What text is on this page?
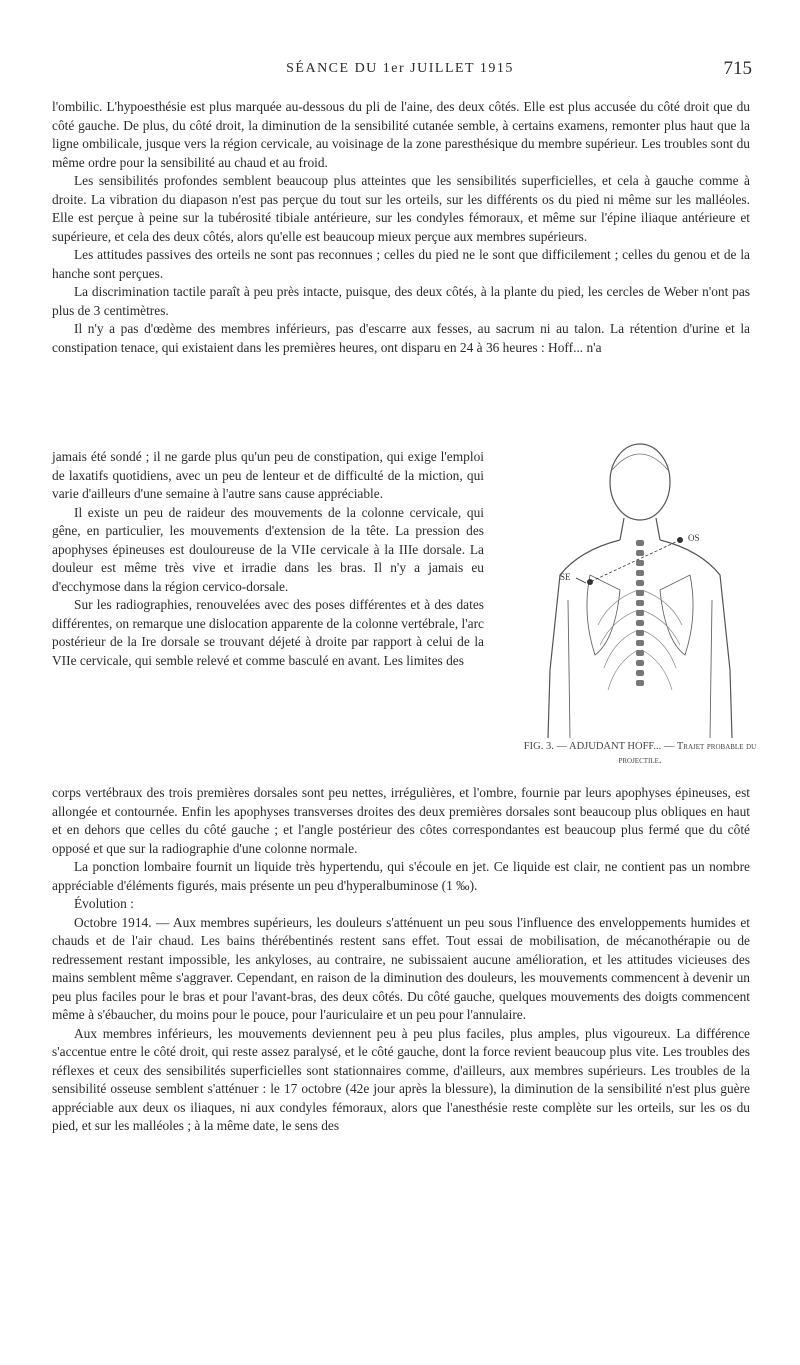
SÉANCE DU 1er JUILLET 1915	715

l'ombilic. L'hypoesthésie est plus marquée au-dessous du pli de l'aine, des deux côtés. Elle est plus accusée du côté droit que du côté gauche. De plus, du côté droit, la diminution de la sensibilité cutanée semble, à certains examens, remonter plus haut que la ligne ombilicale, jusque vers la région cervicale, au voisinage de la zone paresthésique du membre supérieur. Les troubles sont du même ordre pour la sensibilité au chaud et au froid.

Les sensibilités profondes semblent beaucoup plus atteintes que les sensibilités superficielles, et cela à gauche comme à droite. La vibration du diapason n'est pas perçue du tout sur les orteils, sur les différents os du pied ni même sur les malléoles. Elle est perçue à peine sur la tubérosité tibiale antérieure, sur les condyles fémoraux, et même sur l'épine iliaque antérieure et supérieure, et cela des deux côtés, alors qu'elle est beaucoup mieux perçue aux membres supérieurs.

Les attitudes passives des orteils ne sont pas reconnues ; celles du pied ne le sont que difficilement ; celles du genou et de la hanche sont perçues.

La discrimination tactile paraît à peu près intacte, puisque, des deux côtés, à la plante du pied, les cercles de Weber n'ont pas plus de 3 centimètres.

Il n'y a pas d'œdème des membres inférieurs, pas d'escarre aux fesses, au sacrum ni au talon. La rétention d'urine et la constipation tenace, qui existaient dans les premières heures, ont disparu en 24 à 36 heures : Hoff... n'a

jamais été sondé ; il ne garde plus qu'un peu de constipation, qui exige l'emploi de laxatifs quotidiens, avec un peu de lenteur et de difficulté de la miction, qui varie d'ailleurs d'une semaine à l'autre sans cause appréciable.

Il existe un peu de raideur des mouvements de la colonne cervicale, qui gêne, en particulier, les mouvements d'extension de la tête. La pression des apophyses épineuses est douloureuse de la VIIe cervicale à la IIIe dorsale. La douleur est même très vive et irradie dans les bras. Il n'y a jamais eu d'ecchymose dans la région cervico-dorsale.

Sur les radiographies, renouvelées avec des poses différentes et à des dates différentes, on remarque une dislocation apparente de la colonne vertébrale, l'arc postérieur de la Ire dorsale se trouvant déjeté à droite par rapport à celui de la VIIe cervicale, qui semble relevé et comme basculé en avant. Les limites des

OS
SE
FIG. 3. — ADJUDANT HOFF... — Trajet probable du projectile.

corps vertébraux des trois premières dorsales sont peu nettes, irrégulières, et l'ombre, fournie par leurs apophyses épineuses, est allongée et contournée. Enfin les apophyses transverses droites des deux premières dorsales sont beaucoup plus obliques en haut et en dehors que celles du côté gauche ; et l'angle postérieur des côtes correspondantes est beaucoup plus fermé que du côté opposé et que sur la radiographie d'une colonne normale.

La ponction lombaire fournit un liquide très hypertendu, qui s'écoule en jet. Ce liquide est clair, ne contient pas un nombre appréciable d'éléments figurés, mais présente un peu d'hyperalbuminose (1 ‰).

Évolution :

Octobre 1914. — Aux membres supérieurs, les douleurs s'atténuent un peu sous l'influence des enveloppements humides et chauds et de l'air chaud. Les bains thérébentinés restent sans effet. Tout essai de mobilisation, de mécanothérapie ou de redressement restant impossible, les ankyloses, au contraire, ne subissaient aucune amélioration, et les attitudes vicieuses des mains semblent même s'aggraver. Cependant, en raison de la diminution des douleurs, les mouvements commencent à devenir un peu plus faciles pour le bras et pour l'avant-bras, des deux côtés. Du côté gauche, quelques mouvements des doigts commencent même à s'ébaucher, du moins pour le pouce, pour l'auriculaire et un peu pour l'annulaire.

Aux membres inférieurs, les mouvements deviennent peu à peu plus faciles, plus amples, plus vigoureux. La différence s'accentue entre le côté droit, qui reste assez paralysé, et le côté gauche, dont la force revient beaucoup plus vite. Les troubles des réflexes et ceux des sensibilités superficielles sont stationnaires comme, d'ailleurs, aux membres supérieurs. Les troubles de la sensibilité osseuse semblent s'atténuer : le 17 octobre (42e jour après la blessure), la diminution de la sensibilité n'est plus guère appréciable aux deux os iliaques, ni aux condyles fémoraux, alors que l'anesthésie reste complète sur les orteils, sur les os du pied, et sur les malléoles ; à la même date, le sens des
